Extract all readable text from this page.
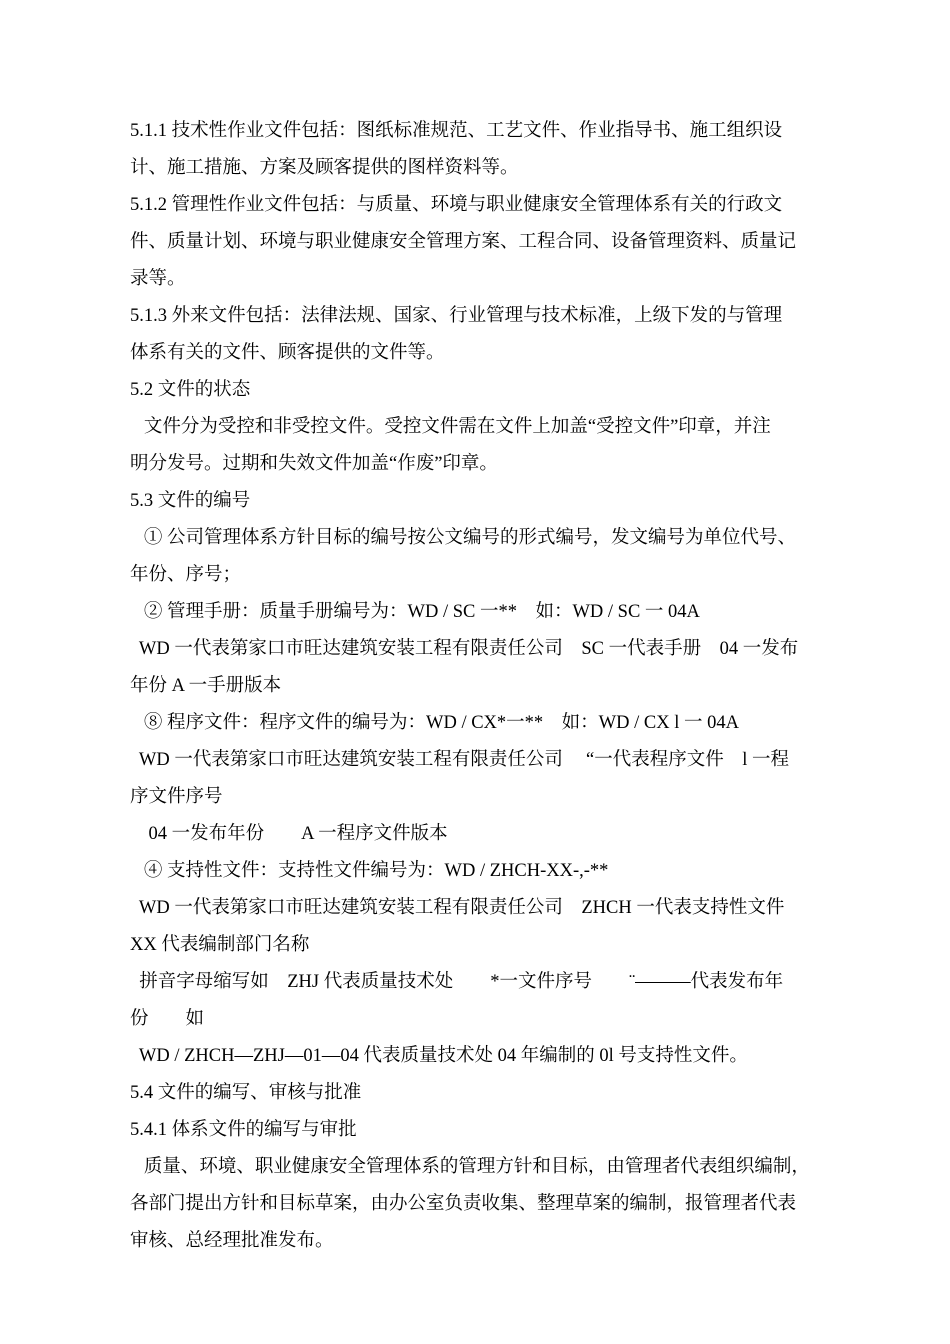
5.1.1 技术性作业文件包括：图纸标准规范、工艺文件、作业指导书、施工组织设
计、施工措施、方案及顾客提供的图样资料等。
5.1.2 管理性作业文件包括：与质量、环境与职业健康安全管理体系有关的行政文
件、质量计划、环境与职业健康安全管理方案、工程合同、设备管理资料、质量记
录等。
5.1.3 外来文件包括：法律法规、国家、行业管理与技术标准，上级下发的与管理
体系有关的文件、顾客提供的文件等。
5.2 文件的状态
文件分为受控和非受控文件。受控文件需在文件上加盖“受控文件”印章，并注
明分发号。过期和失效文件加盖“作废”印章。
5.3 文件的编号
① 公司管理体系方针目标的编号按公文编号的形式编号，发文编号为单位代号、
年份、序号；
② 管理手册：质量手册编号为：WD / SC 一**    如：WD / SC 一 04A
WD 一代表第家口市旺达建筑安装工程有限责任公司    SC 一代表手册    04 一发布
年份 A 一手册版本
⑧ 程序文件：程序文件的编号为：WD / CX*一**    如：WD / CX l 一 04A
WD 一代表第家口市旺达建筑安装工程有限责任公司     “一代表程序文件    l 一程
序文件序号
04 一发布年份        A 一程序文件版本
④ 支持性文件：支持性文件编号为：WD / ZHCH-XX-,-**
WD 一代表第家口市旺达建筑安装工程有限责任公司    ZHCH 一代表支持性文件
XX 代表编制部门名称
拼音字母缩写如    ZHJ 代表质量技术处        *一文件序号        ¨———代表发布年
份        如
WD / ZHCH—ZHJ—01—04 代表质量技术处 04 年编制的 0l 号支持性文件。
5.4 文件的编写、审核与批准
5.4.1 体系文件的编写与审批
质量、环境、职业健康安全管理体系的管理方针和目标，由管理者代表组织编制，
各部门提出方针和目标草案，由办公室负责收集、整理草案的编制，报管理者代表
审核、总经理批准发布。
